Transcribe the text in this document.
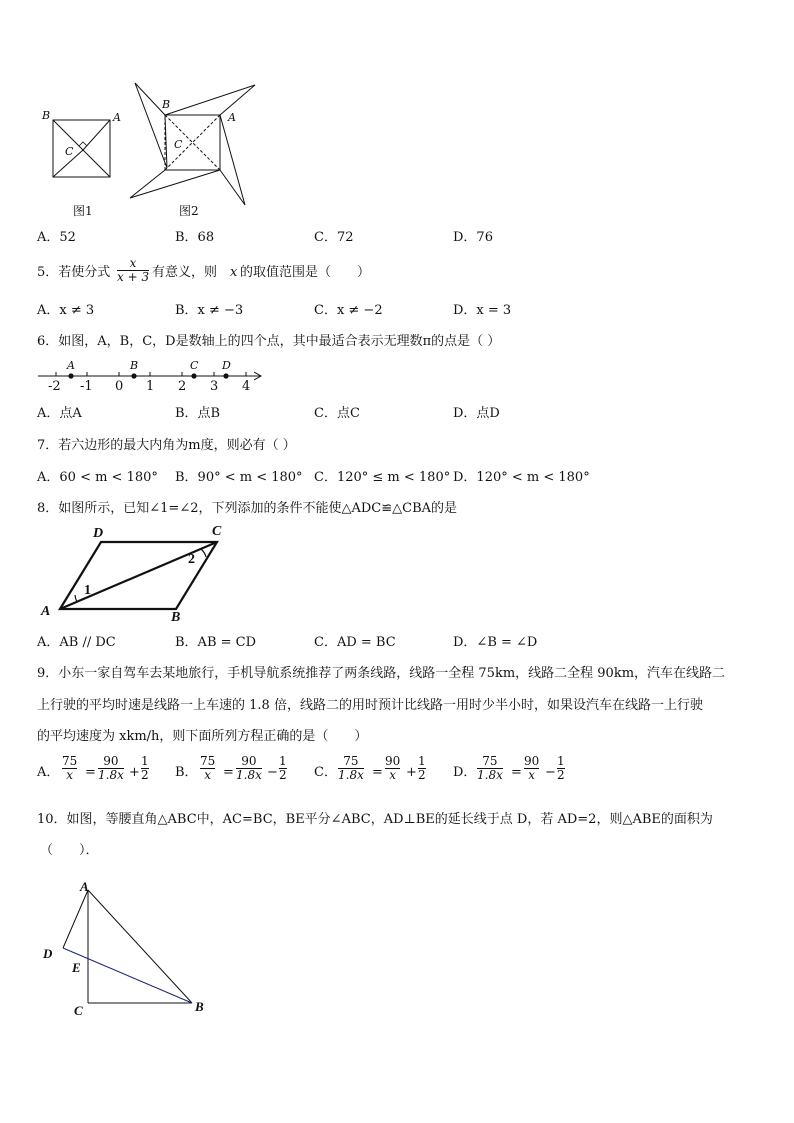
B	A
C
B
A
C
图1	图2
A．52	B．68	C．72	D．76
5．若使分式
x
x + 3 有意义，则 x 的取值范围是（　　）
A．x ≠ 3	B．x ≠ −3	C．x ≠ −2	D．x = 3
6．如图，A，B，C，D是数轴上的四个点，其中最适合表示无理数π的点是（ ）
A	B	C D
-2 -1 0 1 2 3 4
A．点A	B．点B	C．点C	D．点D
7．若六边形的最大内角为m度，则必有（ ）
A．60 < m < 180° B．90° < m < 180° C．120° ≤ m < 180° D．120° < m < 180°
8．如图所示，已知∠1=∠2，下列添加的条件不能使△ADC≌△CBA的是
D	C
A	B
1
2
A．AB // DC	B．AB = CD	C．AD = BC	D．∠B = ∠D
9．小东一家自驾车去某地旅行，手机导航系统推荐了两条线路，线路一全程 75km，线路二全程 90km，汽车在线路二
上行驶的平均时速是线路一上车速的 1.8 倍，线路二的用时预计比线路一用时少半小时，如果设汽车在线路一上行驶
的平均速度为 xkm/h，则下面所列方程正确的是（　　）
A．
75
x =
90
1.8x +
1
2 B．
75
x =
90
1.8x −
1
2 C．
75
1.8x =
90
x +
1
2 D．
75
1.8x =
90
x −
1
2
10．如图，等腰直角△ABC中，AC=BC，BE平分∠ABC，AD⊥BE的延长线于点 D，若 AD=2，则△ABE的面积为
（　　）．
A
D
E
C	B
